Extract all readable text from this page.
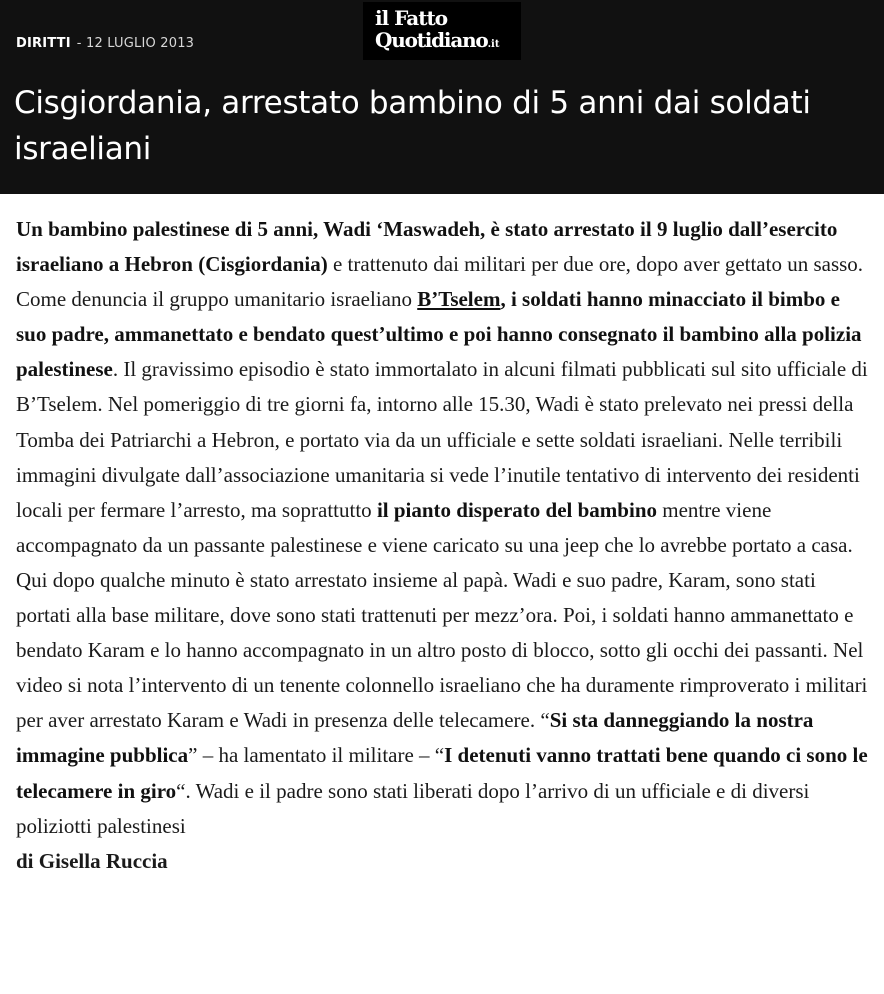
DIRITTI - 12 LUGLIO 2013
il Fatto
Quotidiano.it
Cisgiordania, arrestato bambino di 5 anni dai soldati israeliani

Un bambino palestinese di 5 anni, Wadi ‘Maswadeh, è stato arrestato il 9 luglio dall’esercito israeliano a Hebron (Cisgiordania) e trattenuto dai militari per due ore, dopo aver gettato un sasso. Come denuncia il gruppo umanitario israeliano B’Tselem, i soldati hanno minacciato il bimbo e suo padre, ammanettato e bendato quest’ultimo e poi hanno consegnato il bambino alla polizia palestinese. Il gravissimo episodio è stato immortalato in alcuni filmati pubblicati sul sito ufficiale di B’Tselem. Nel pomeriggio di tre giorni fa, intorno alle 15.30, Wadi è stato prelevato nei pressi della Tomba dei Patriarchi a Hebron, e portato via da un ufficiale e sette soldati israeliani. Nelle terribili immagini divulgate dall’associazione umanitaria si vede l’inutile tentativo di intervento dei residenti locali per fermare l’arresto, ma soprattutto il pianto disperato del bambino mentre viene accompagnato da un passante palestinese e viene caricato su una jeep che lo avrebbe portato a casa. Qui dopo qualche minuto è stato arrestato insieme al papà. Wadi e suo padre, Karam, sono stati portati alla base militare, dove sono stati trattenuti per mezz’ora. Poi, i soldati hanno ammanettato e bendato Karam e lo hanno accompagnato in un altro posto di blocco, sotto gli occhi dei passanti. Nel video si nota l’intervento di un tenente colonnello israeliano che ha duramente rimproverato i militari per aver arrestato Karam e Wadi in presenza delle telecamere. “Si sta danneggiando la nostra immagine pubblica” – ha lamentato il militare – “I detenuti vanno trattati bene quando ci sono le telecamere in giro“. Wadi e il padre sono stati liberati dopo l’arrivo di un ufficiale e di diversi poliziotti palestinesi
di Gisella Ruccia
